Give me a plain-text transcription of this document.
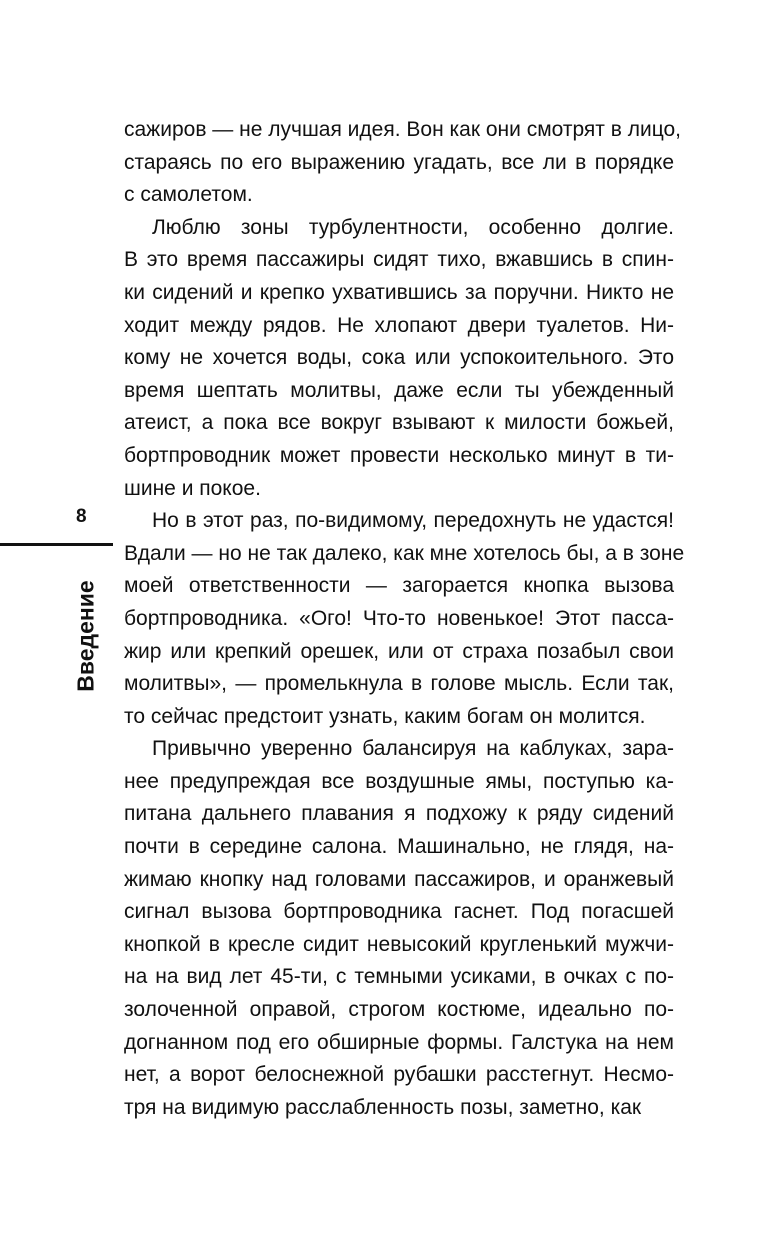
8
Введение
сажиров — не лучшая идея. Вон как они смотрят в лицо,
стараясь по его выражению угадать, все ли в порядке
с самолетом.
Люблю зоны турбулентности, особенно долгие.
В это время пассажиры сидят тихо, вжавшись в спин-
ки сидений и крепко ухватившись за поручни. Никто не
ходит между рядов. Не хлопают двери туалетов. Ни-
кому не хочется воды, сока или успокоительного. Это
время шептать молитвы, даже если ты убежденный
атеист, а пока все вокруг взывают к милости божьей,
бортпроводник может провести несколько минут в ти-
шине и покое.
Но в этот раз, по-видимому, передохнуть не удастся!
Вдали — но не так далеко, как мне хотелось бы, а в зоне
моей ответственности — загорается кнопка вызова
бортпроводника. «Ого! Что-то новенькое! Этот пасса-
жир или крепкий орешек, или от страха позабыл свои
молитвы», — промелькнула в голове мысль. Если так,
то сейчас предстоит узнать, каким богам он молится.
Привычно уверенно балансируя на каблуках, зара-
нее предупреждая все воздушные ямы, поступью ка-
питана дальнего плавания я подхожу к ряду сидений
почти в середине салона. Машинально, не глядя, на-
жимаю кнопку над головами пассажиров, и оранжевый
сигнал вызова бортпроводника гаснет. Под погасшей
кнопкой в кресле сидит невысокий кругленький мужчи-
на на вид лет 45-ти, с темными усиками, в очках с по-
золоченной оправой, строгом костюме, идеально по-
догнанном под его обширные формы. Галстука на нем
нет, а ворот белоснежной рубашки расстегнут. Несмо-
тря на видимую расслабленность позы, заметно, как
